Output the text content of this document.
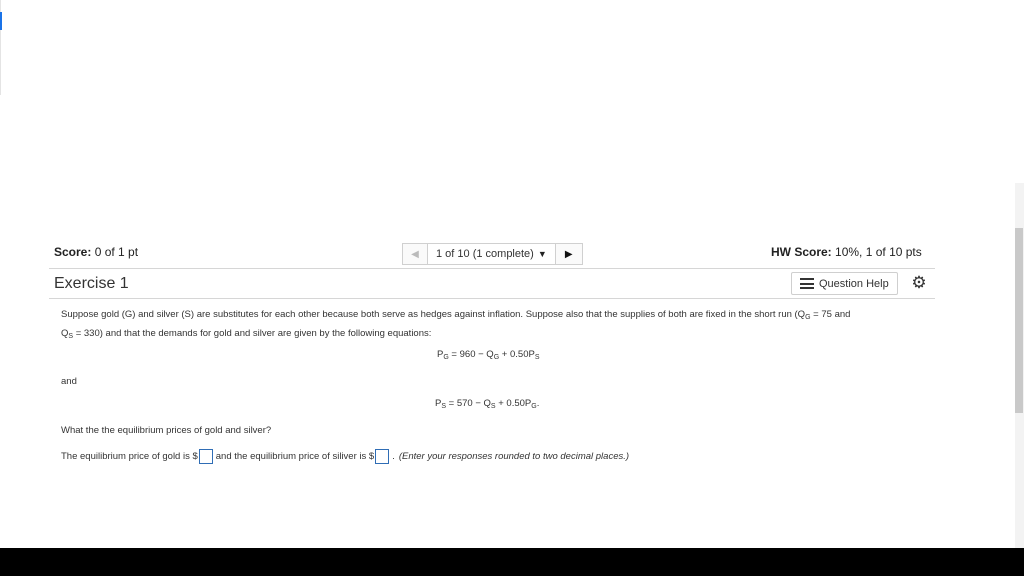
Score: 0 of 1 pt	◀ 1 of 10 (1 complete) ▼ ▶	HW Score: 10%, 1 of 10 pts
Exercise 1	Question Help ⚙
Suppose gold (G) and silver (S) are substitutes for each other because both serve as hedges against inflation. Suppose also that the supplies of both are fixed in the short run ($Q_G = 75$ and
$Q_S = 330$) and that the demands for gold and silver are given by the following equations:
$P_G = 960 - Q_G + 0.50P_S$
and
$P_S = 570 - Q_S + 0.50P_G$.
What the the equilibrium prices of gold and silver?
The equilibrium price of gold is $ and the equilibrium price of siliver is $ . (Enter your responses rounded to two decimal places.)
